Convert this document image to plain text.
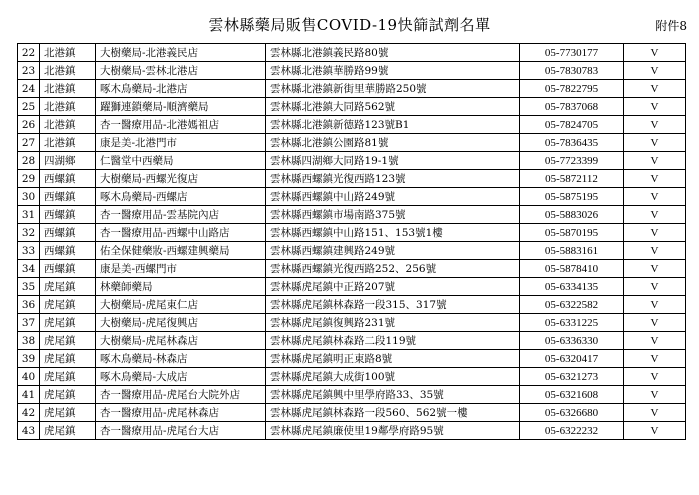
雲林縣藥局販售COVID-19快篩試劑名單	附件8
22	北港鎮	大樹藥局-北港義民店	雲林縣北港鎮義民路80號	05-7730177	V
23	北港鎮	大樹藥局-雲林北港店	雲林縣北港鎮華勝路99號	05-7830783	V
24	北港鎮	啄木鳥藥局-北港店	雲林縣北港鎮新街里華勝路250號	05-7822795	V
25	北港鎮	躍獅連鎖藥局-順濟藥局	雲林縣北港鎮大同路562號	05-7837068	V
26	北港鎮	杏一醫療用品-北港媽祖店	雲林縣北港鎮新德路123號B1	05-7824705	V
27	北港鎮	康是美-北港門市	雲林縣北港鎮公園路81號	05-7836435	V
28	四湖鄉	仁醫堂中西藥局	雲林縣四湖鄉大同路19-1號	05-7723399	V
29	西螺鎮	大樹藥局-西螺光復店	雲林縣西螺鎮光復西路123號	05-5872112	V
30	西螺鎮	啄木鳥藥局-西螺店	雲林縣西螺鎮中山路249號	05-5875195	V
31	西螺鎮	杏一醫療用品-雲基院內店	雲林縣西螺鎮市場南路375號	05-5883026	V
32	西螺鎮	杏一醫療用品-西螺中山路店	雲林縣西螺鎮中山路151、153號1樓	05-5870195	V
33	西螺鎮	佑全保健藥妝-西螺建興藥局	雲林縣西螺鎮建興路249號	05-5883161	V
34	西螺鎮	康是美-西螺門市	雲林縣西螺鎮光復西路252、256號	05-5878410	V
35	虎尾鎮	林藥師藥局	雲林縣虎尾鎮中正路207號	05-6334135	V
36	虎尾鎮	大樹藥局-虎尾東仁店	雲林縣虎尾鎮林森路一段315、317號	05-6322582	V
37	虎尾鎮	大樹藥局-虎尾復興店	雲林縣虎尾鎮復興路231號	05-6331225	V
38	虎尾鎮	大樹藥局-虎尾林森店	雲林縣虎尾鎮林森路二段119號	05-6336330	V
39	虎尾鎮	啄木鳥藥局-林森店	雲林縣虎尾鎮明正東路8號	05-6320417	V
40	虎尾鎮	啄木鳥藥局-大成店	雲林縣虎尾鎮大成街100號	05-6321273	V
41	虎尾鎮	杏一醫療用品-虎尾台大院外店	雲林縣虎尾鎮興中里學府路33、35號	05-6321608	V
42	虎尾鎮	杏一醫療用品-虎尾林森店	雲林縣虎尾鎮林森路一段560、562號一樓	05-6326680	V
43	虎尾鎮	杏一醫療用品-虎尾台大店	雲林縣虎尾鎮廉使里19鄰學府路95號	05-6322232	V
